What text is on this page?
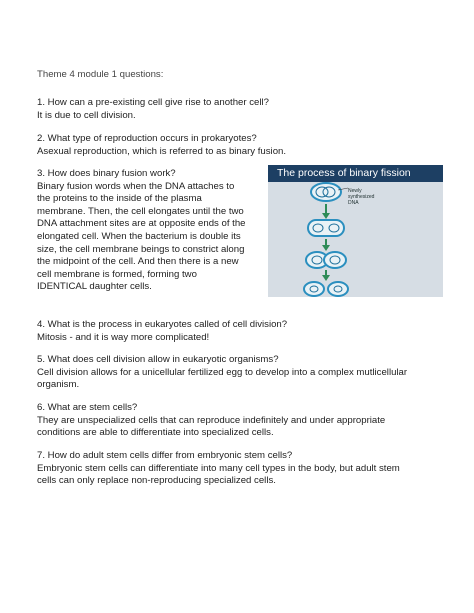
Theme 4 module 1 questions:
1. How can a pre-existing cell give rise to another cell?
It is due to cell division.
2. What type of reproduction occurs in prokaryotes?
Asexual reproduction, which is referred to as binary fusion.
3. How does binary fusion work?
Binary fusion words when the DNA attaches to
the proteins to the inside of the plasma
membrane. Then, the cell elongates until the two
DNA attachment sites are at opposite ends of the
elongated cell. When the bacterium is double its
size, the cell membrane beings to constrict along
the midpoint of the cell. And then there is a new
cell membrane is formed, forming two
IDENTICAL daughter cells.
The process of binary fission
Newly
synthesized
DNA
4. What is the process in eukaryotes called of cell division?
Mitosis - and it is way more complicated!
5. What does cell division allow in eukaryotic organisms?
Cell division allows for a unicellular fertilized egg to develop into a complex mutlicellular
organism.
6. What are stem cells?
They are unspecialized cells that can reproduce indefinitely and under appropriate
conditions are able to differentiate into specialized cells.
7. How do adult stem cells differ from embryonic stem cells?
Embryonic stem cells can differentiate into many cell types in the body, but adult stem
cells can only replace non-reproducing specialized cells.
